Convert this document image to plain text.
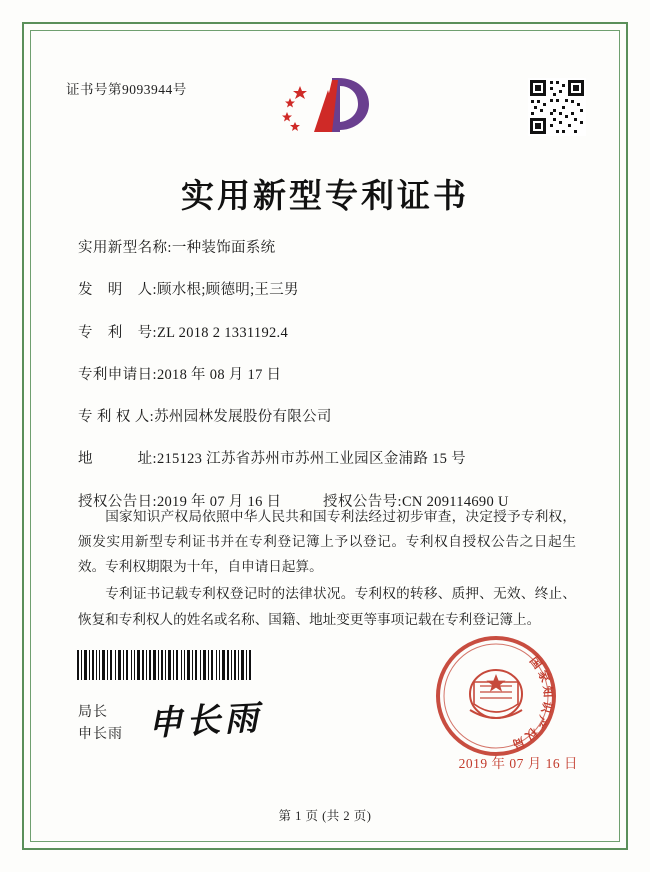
证书号第9093944号
实用新型专利证书
实用新型名称: 一种装饰面系统
发　明　人: 顾水根;顾德明;王三男
专　利　号: ZL 2018 2 1331192.4
专利申请日: 2018 年 08 月 17 日
专 利 权 人: 苏州园林发展股份有限公司
地　　　址: 215123 江苏省苏州市苏州工业园区金浦路 15 号
授权公告日: 2019 年 07 月 16 日	授权公告号: CN 209114690 U

国家知识产权局依照中华人民共和国专利法经过初步审查，决定授予专利权，颁发实用新型专利证书并在专利登记簿上予以登记。专利权自授权公告之日起生效。专利权期限为十年，自申请日起算。

专利证书记载专利权登记时的法律状况。专利权的转移、质押、无效、终止、恢复和专利权人的姓名或名称、国籍、地址变更等事项记载在专利登记簿上。

局长
申长雨 申长雨
国家知识产权局
2019 年 07 月 16 日
第 1 页 (共 2 页)
